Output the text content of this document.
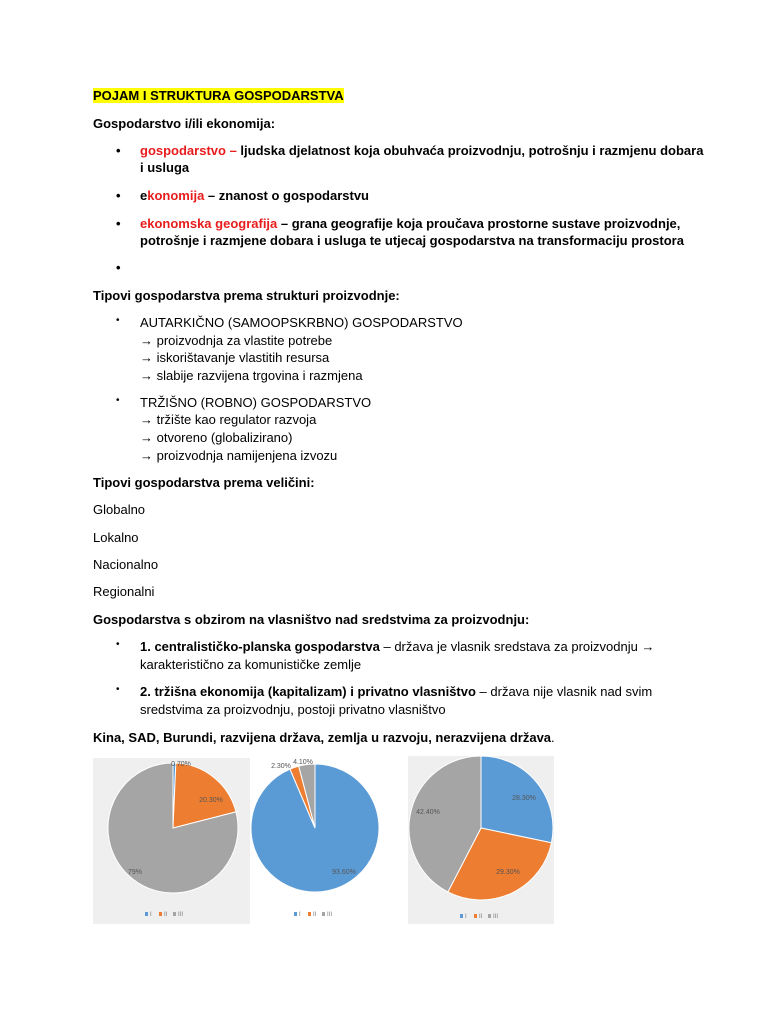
POJAM I STRUKTURA GOSPODARSTVA
Gospodarstvo i/ili ekonomija:
• gospodarstvo – ljudska djelatnost koja obuhvaća proizvodnju, potrošnju i razmjenu dobara
i usluga
• ekonomija – znanost o gospodarstvu
• ekonomska geografija – grana geografije koja proučava prostorne sustave proizvodnje,
potrošnje i razmjene dobara i usluga te utjecaj gospodarstva na transformaciju prostora
•
Tipovi gospodarstva prema strukturi proizvodnje:
• AUTARKIČNO (SAMOOPSKRBNO) GOSPODARSTVO
→ proizvodnja za vlastite potrebe
→ iskorištavanje vlastitih resursa
→ slabije razvijena trgovina i razmjena
• TRŽIŠNO (ROBNO) GOSPODARSTVO
→ tržište kao regulator razvoja
→ otvoreno (globalizirano)
→ proizvodnja namijenjena izvozu
Tipovi gospodarstva prema veličini:
Globalno
Lokalno
Nacionalno
Regionalni
Gospodarstva s obzirom na vlasništvo nad sredstvima za proizvodnju:
• 1. centralističko-planska gospodarstva – država je vlasnik sredstava za proizvodnju →
karakteristično za komunističke zemlje
• 2. tržišna ekonomija (kapitalizam) i privatno vlasništvo – država nije vlasnik nad svim
sredstvima za proizvodnju, postoji privatno vlasništvo
Kina, SAD, Burundi, razvijena država, zemlja u razvoju, nerazvijena država.
0.70%
20.30%
79%
I II III
93.60%
2.30%
4.10%
I II III
28.30%
29.30%
42.40%
I II III
